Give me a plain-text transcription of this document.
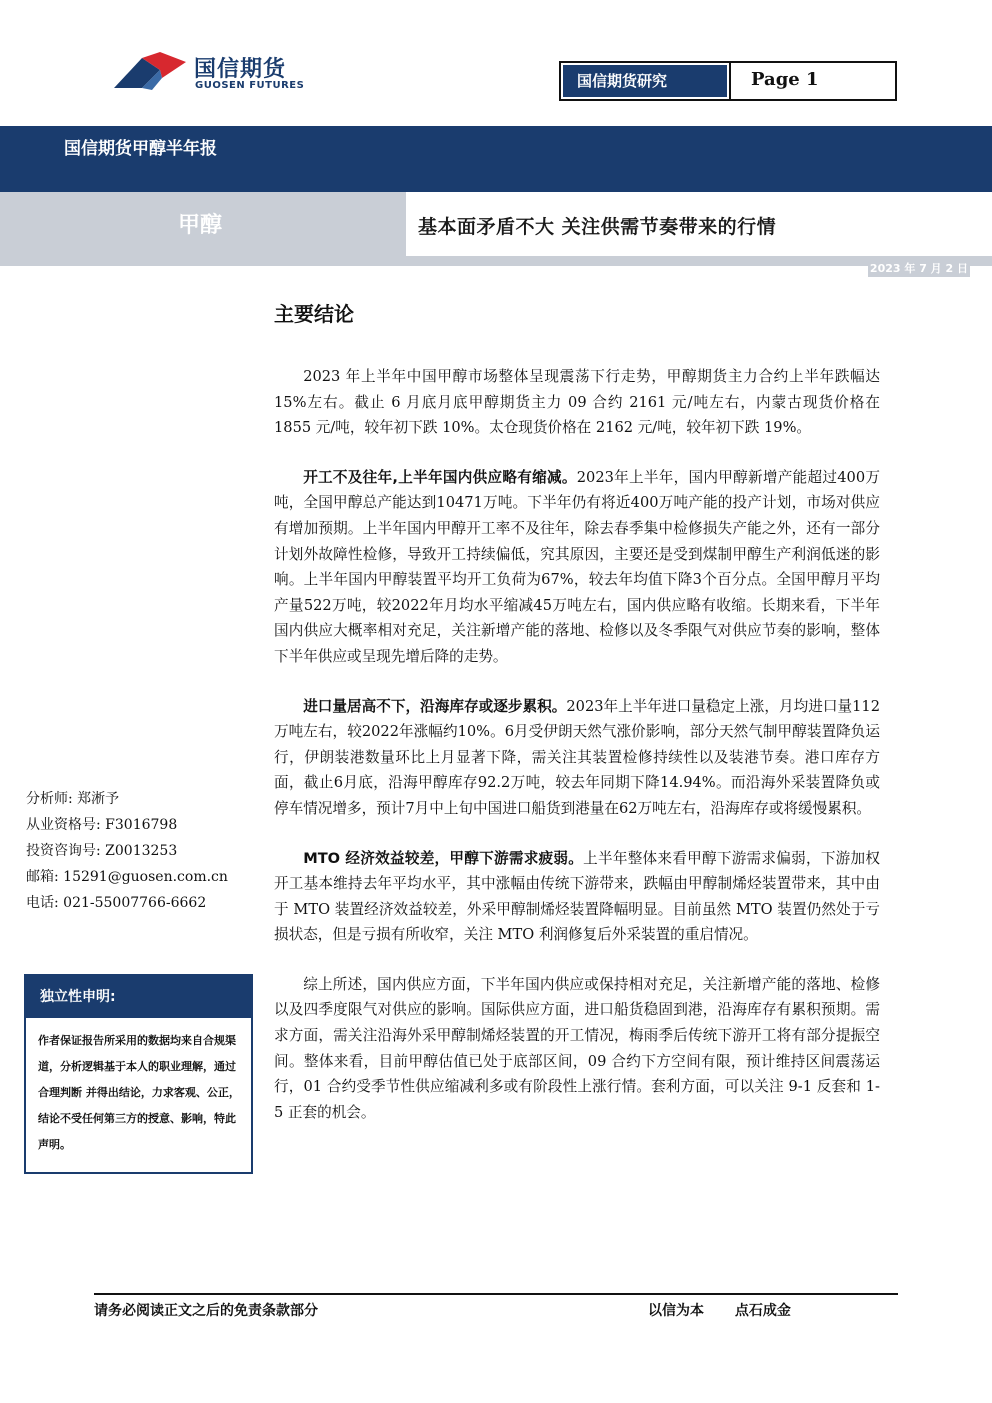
国信期货
GUOSEN FUTURES	国信期货研究	Page 1
国信期货甲醇半年报
甲醇	基本面矛盾不大 关注供需节奏带来的行情
2023 年 7 月 2 日
主要结论

2023 年上半年中国甲醇市场整体呈现震荡下行走势，甲醇期货主力合约上半年跌幅达 15%左右。截止 6 月底月底甲醇期货主力 09 合约 2161 元/吨左右，内蒙古现货价格在 1855 元/吨，较年初下跌 10%。太仓现货价格在 2162 元/吨，较年初下跌 19%。

开工不及往年,上半年国内供应略有缩减。2023年上半年，国内甲醇新增产能超过400万吨，全国甲醇总产能达到10471万吨。下半年仍有将近400万吨产能的投产计划，市场对供应有增加预期。上半年国内甲醇开工率不及往年，除去春季集中检修损失产能之外，还有一部分计划外故障性检修，导致开工持续偏低，究其原因，主要还是受到煤制甲醇生产利润低迷的影响。上半年国内甲醇装置平均开工负荷为67%，较去年均值下降3个百分点。全国甲醇月平均产量522万吨，较2022年月均水平缩减45万吨左右，国内供应略有收缩。长期来看，下半年国内供应大概率相对充足，关注新增产能的落地、检修以及冬季限气对供应节奏的影响，整体下半年供应或呈现先增后降的走势。

进口量居高不下，沿海库存或逐步累积。2023年上半年进口量稳定上涨，月均进口量112万吨左右，较2022年涨幅约10%。6月受伊朗天然气涨价影响，部分天然气制甲醇装置降负运行，伊朗装港数量环比上月显著下降，需关注其装置检修持续性以及装港节奏。港口库存方面，截止6月底，沿海甲醇库存92.2万吨，较去年同期下降14.94%。而沿海外采装置降负或停车情况增多，预计7月中上旬中国进口船货到港量在62万吨左右，沿海库存或将缓慢累积。

MTO 经济效益较差，甲醇下游需求疲弱。上半年整体来看甲醇下游需求偏弱，下游加权开工基本维持去年平均水平，其中涨幅由传统下游带来，跌幅由甲醇制烯烃装置带来，其中由于 MTO 装置经济效益较差，外采甲醇制烯烃装置降幅明显。目前虽然 MTO 装置仍然处于亏损状态，但是亏损有所收窄，关注 MTO 利润修复后外采装置的重启情况。

综上所述，国内供应方面，下半年国内供应或保持相对充足，关注新增产能的落地、检修以及四季度限气对供应的影响。国际供应方面，进口船货稳固到港，沿海库存有累积预期。需求方面，需关注沿海外采甲醇制烯烃装置的开工情况，梅雨季后传统下游开工将有部分提振空间。整体来看，目前甲醇估值已处于底部区间，09 合约下方空间有限，预计维持区间震荡运行，01 合约受季节性供应缩减利多或有阶段性上涨行情。套利方面，可以关注 9-1 反套和 1-5 正套的机会。

分析师: 郑淅予
从业资格号: F3016798
投资咨询号: Z0013253
邮箱: 15291@guosen.com.cn
电话: 021-55007766-6662
独立性申明:
作者保证报告所采用的数据均来自合规渠道，分析逻辑基于本人的职业理解，通过合理判断 并得出结论，力求客观、公正，结论不受任何第三方的授意、影响，特此声明。
请务必阅读正文之后的免责条款部分	以信为本 点石成金
